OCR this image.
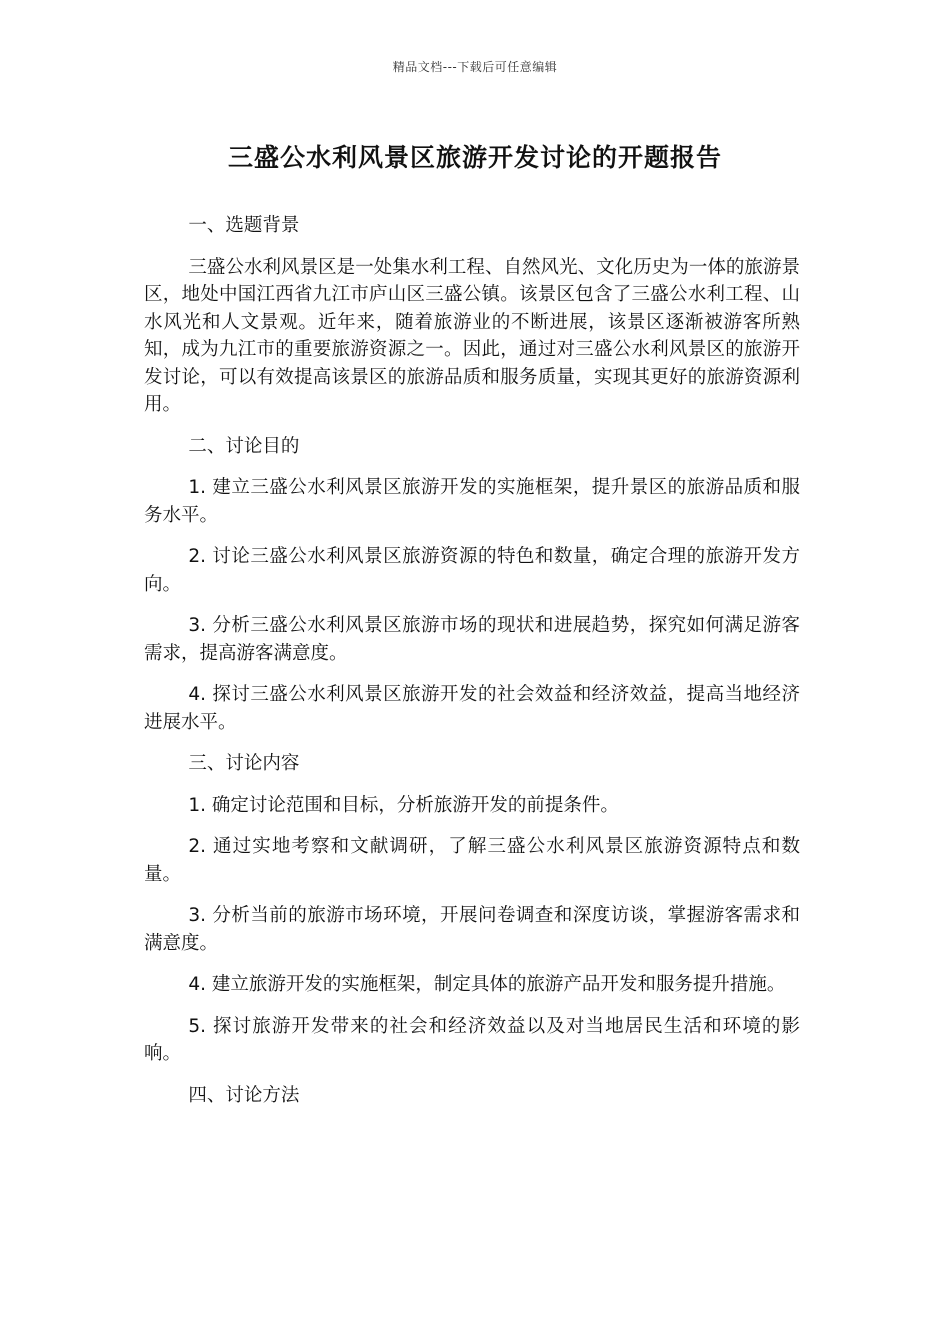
精品文档---下载后可任意编辑
三盛公水利风景区旅游开发讨论的开题报告

一、选题背景

三盛公水利风景区是一处集水利工程、自然风光、文化历史为一体的旅游景区，地处中国江西省九江市庐山区三盛公镇。该景区包含了三盛公水利工程、山水风光和人文景观。近年来，随着旅游业的不断进展，该景区逐渐被游客所熟知，成为九江市的重要旅游资源之一。因此，通过对三盛公水利风景区的旅游开发讨论，可以有效提高该景区的旅游品质和服务质量，实现其更好的旅游资源利用。

二、讨论目的

1. 建立三盛公水利风景区旅游开发的实施框架，提升景区的旅游品质和服务水平。

2. 讨论三盛公水利风景区旅游资源的特色和数量，确定合理的旅游开发方向。

3. 分析三盛公水利风景区旅游市场的现状和进展趋势，探究如何满足游客需求，提高游客满意度。

4. 探讨三盛公水利风景区旅游开发的社会效益和经济效益，提高当地经济进展水平。

三、讨论内容

1. 确定讨论范围和目标，分析旅游开发的前提条件。

2. 通过实地考察和文献调研，了解三盛公水利风景区旅游资源特点和数量。

3. 分析当前的旅游市场环境，开展问卷调查和深度访谈，掌握游客需求和满意度。

4. 建立旅游开发的实施框架，制定具体的旅游产品开发和服务提升措施。

5. 探讨旅游开发带来的社会和经济效益以及对当地居民生活和环境的影响。

四、讨论方法
